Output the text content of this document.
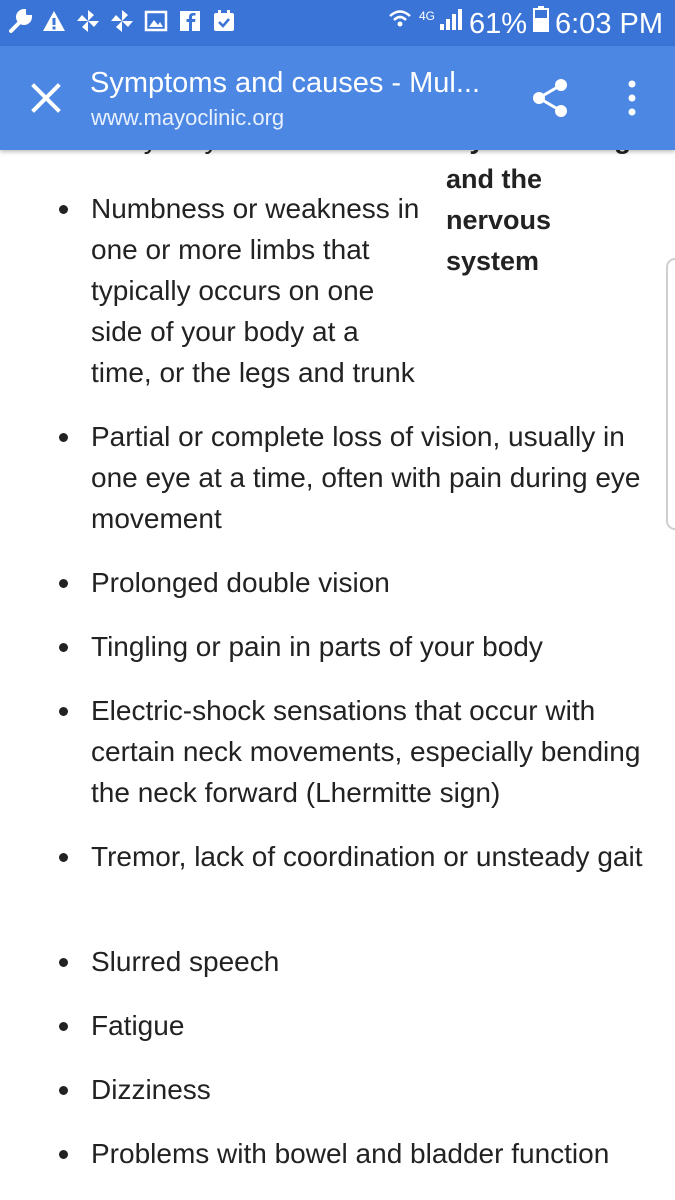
and the nervous system
Numbness or weakness in one or more limbs that typically occurs on one side of your body at a time, or the legs and trunk
Partial or complete loss of vision, usually in one eye at a time, often with pain during eye movement
Prolonged double vision
Tingling or pain in parts of your body
Electric-shock sensations that occur with certain neck movements, especially bending the neck forward (Lhermitte sign)
Tremor, lack of coordination or unsteady gait
Slurred speech
Fatigue
Dizziness
Problems with bowel and bladder function
4G 61% 6:03 PM
Symptoms and causes - Mul...
www.mayoclinic.org
